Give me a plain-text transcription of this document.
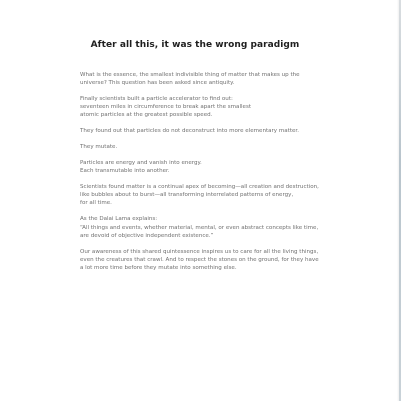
After all this, it was the wrong paradigm

What is the essence, the smallest indivisible thing of matter that makes up the
universe? This question has been asked since antiquity.

Finally scientists built a particle accelerator to find out:
seventeen miles in circumference to break apart the smallest
atomic particles at the greatest possible speed.

They found out that particles do not deconstruct into more elementary matter.

They mutate.

Particles are energy and vanish into energy.
Each transmutable into another.

Scientists found matter is a continual apex of becoming—all creation and destruction,
like bubbles about to burst—all transforming interrelated patterns of energy,
for all time.

As the Dalai Lama explains:
“All things and events, whether material, mental, or even abstract concepts like time,
are devoid of objective independent existence.”

Our awareness of this shared quintessence inspires us to care for all the living things,
even the creatures that crawl. And to respect the stones on the ground, for they have
a lot more time before they mutate into something else.
